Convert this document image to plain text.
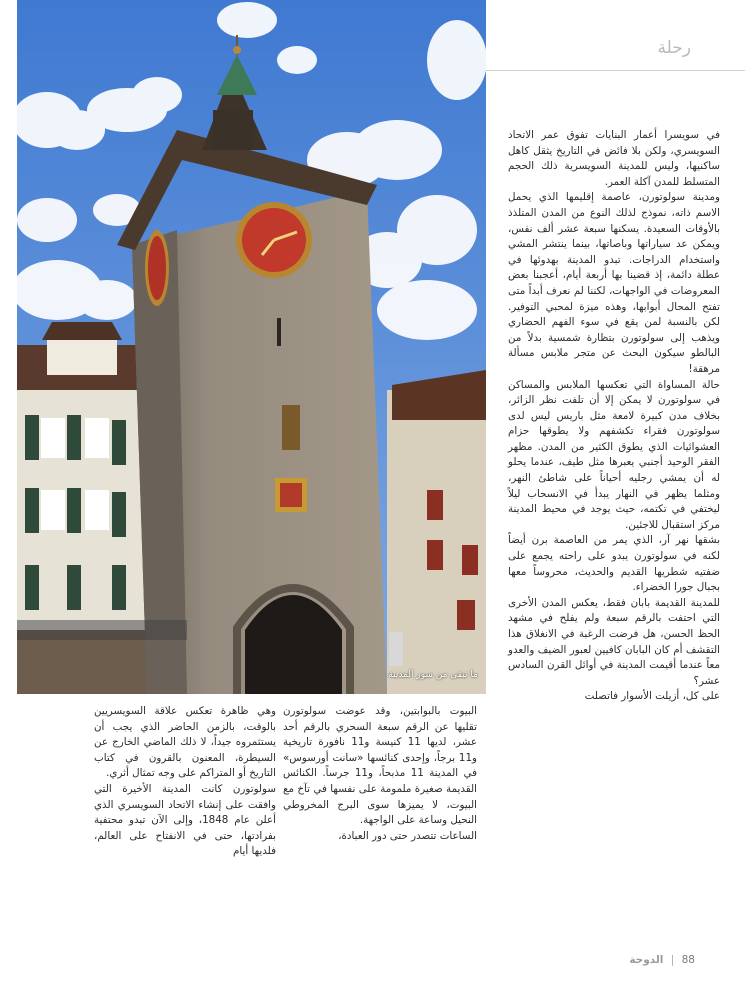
ما تبقى من سور المدينة
رحلة

في سويسرا أعمار البنايات تفوق عمر الاتحاد السويسري، ولكن بلا فائض في التاريخ يثقل كاهل ساكنيها، وليس للمدينة السويسرية ذلك الحجم المتسلط للمدن آكلة العمر.

ومدينة سولوتورن، عاصمة إقليمها الذي يحمل الاسم ذاته، نموذج لذلك النوع من المدن المتلذذ بالأوقات السعيدة. يسكنها سبعة عشر ألف نفس، ويمكن عد سياراتها وباصاتها، بينما ينتشر المشي واستخدام الدراجات. تبدو المدينة بهدوئها في عطلة دائمة، إذ قضينا بها أربعة أيام، أعجبنا بعض المعروضات في الواجهات، لكننا لم نعرف أبداً متى تفتح المحال أبوابها، وهذه ميزة لمحبي التوفير. لكن بالنسبة لمن يقع في سوء الفهم الحضاري ويذهب إلى سولوتورن بتظارة شمسية بدلاً من البالطو سيكون البحث عن متجر ملابس مسألة مرهقة!

حالة المساواة التي تعكسها الملابس والمساكن في سولوتورن لا يمكن إلا أن تلفت نظر الزائر، بخلاف مدن كبيرة لامعة مثل باريس ليس لدى سولوتورن فقراء تكشفهم ولا يطوقها حزام العشوائيات الذي يطوق الكثير من المدن. مظهر الفقر الوحيد أجنبي يعبرها مثل طيف، عندما يحلو له أن يمشي رجليه أحياناً على شاطئ النهر، ومثلما يظهر في النهار يبدأ في الانسحاب ليلاً ليختفي في تكتمه، حيث يوجد في محيط المدينة مركز استقبال للاجئين.

بشقها نهر آر، الذي يمر من العاصمة برن أيضاً لكنه في سولوتورن يبدو على راحته يجمع على ضفتيه شطريها القديم والحديث، محروساً معها بجبال جورا الخضراء.

للمدينة القديمة بابان فقط، يعكس المدن الأخرى التي احتفت بالرقم سبعة ولم يفلح في مشهد الحظ الحسن، هل فرضت الرغبة في الانغلاق هذا التقشف أم كان البابان كافيين لعبور الضيف والعدو معاً عندما أقيمت المدينة في أوائل القرن السادس عشر؟

على كل، أزيلت الأسوار فاتصلت

البيوت بالبوابتين، وقد عوضت سولوتورن تقليها عن الرقم سبعة السحري بالرقم أحد عشر، لديها 11 كنيسة و11 نافورة تاريخية و11 برجاً، وإحدى كنائسها «سانت أورسوس» في المدينة 11 مذبحاً، و11 جرساً. الكنائس القديمة صغيرة ملمومة على نفسها في تآخ مع البيوت، لا يميزها سوى البرج المخروطي النحيل وساعة على الواجهة.

الساعات تتصدر حتى دور العبادة،

وهي ظاهرة تعكس علاقة السويسريين بالوقت، بالزمن الحاضر الذي يجب أن يستثمروه جيداً، لا ذلك الماضي الخارج عن السيطرة، المعنون بالقرون في كتاب التاريخ أو المتراكم على وجه تمثال أثري.

سولوتورن كانت المدينة الأخيرة التي وافقت على إنشاء الاتحاد السويسري الذي أعلن عام 1848، وإلى الآن تبدو محتفية بفرادتها، حتى في الانفتاح على العالم، فلديها أيام

88 | الدوحة
